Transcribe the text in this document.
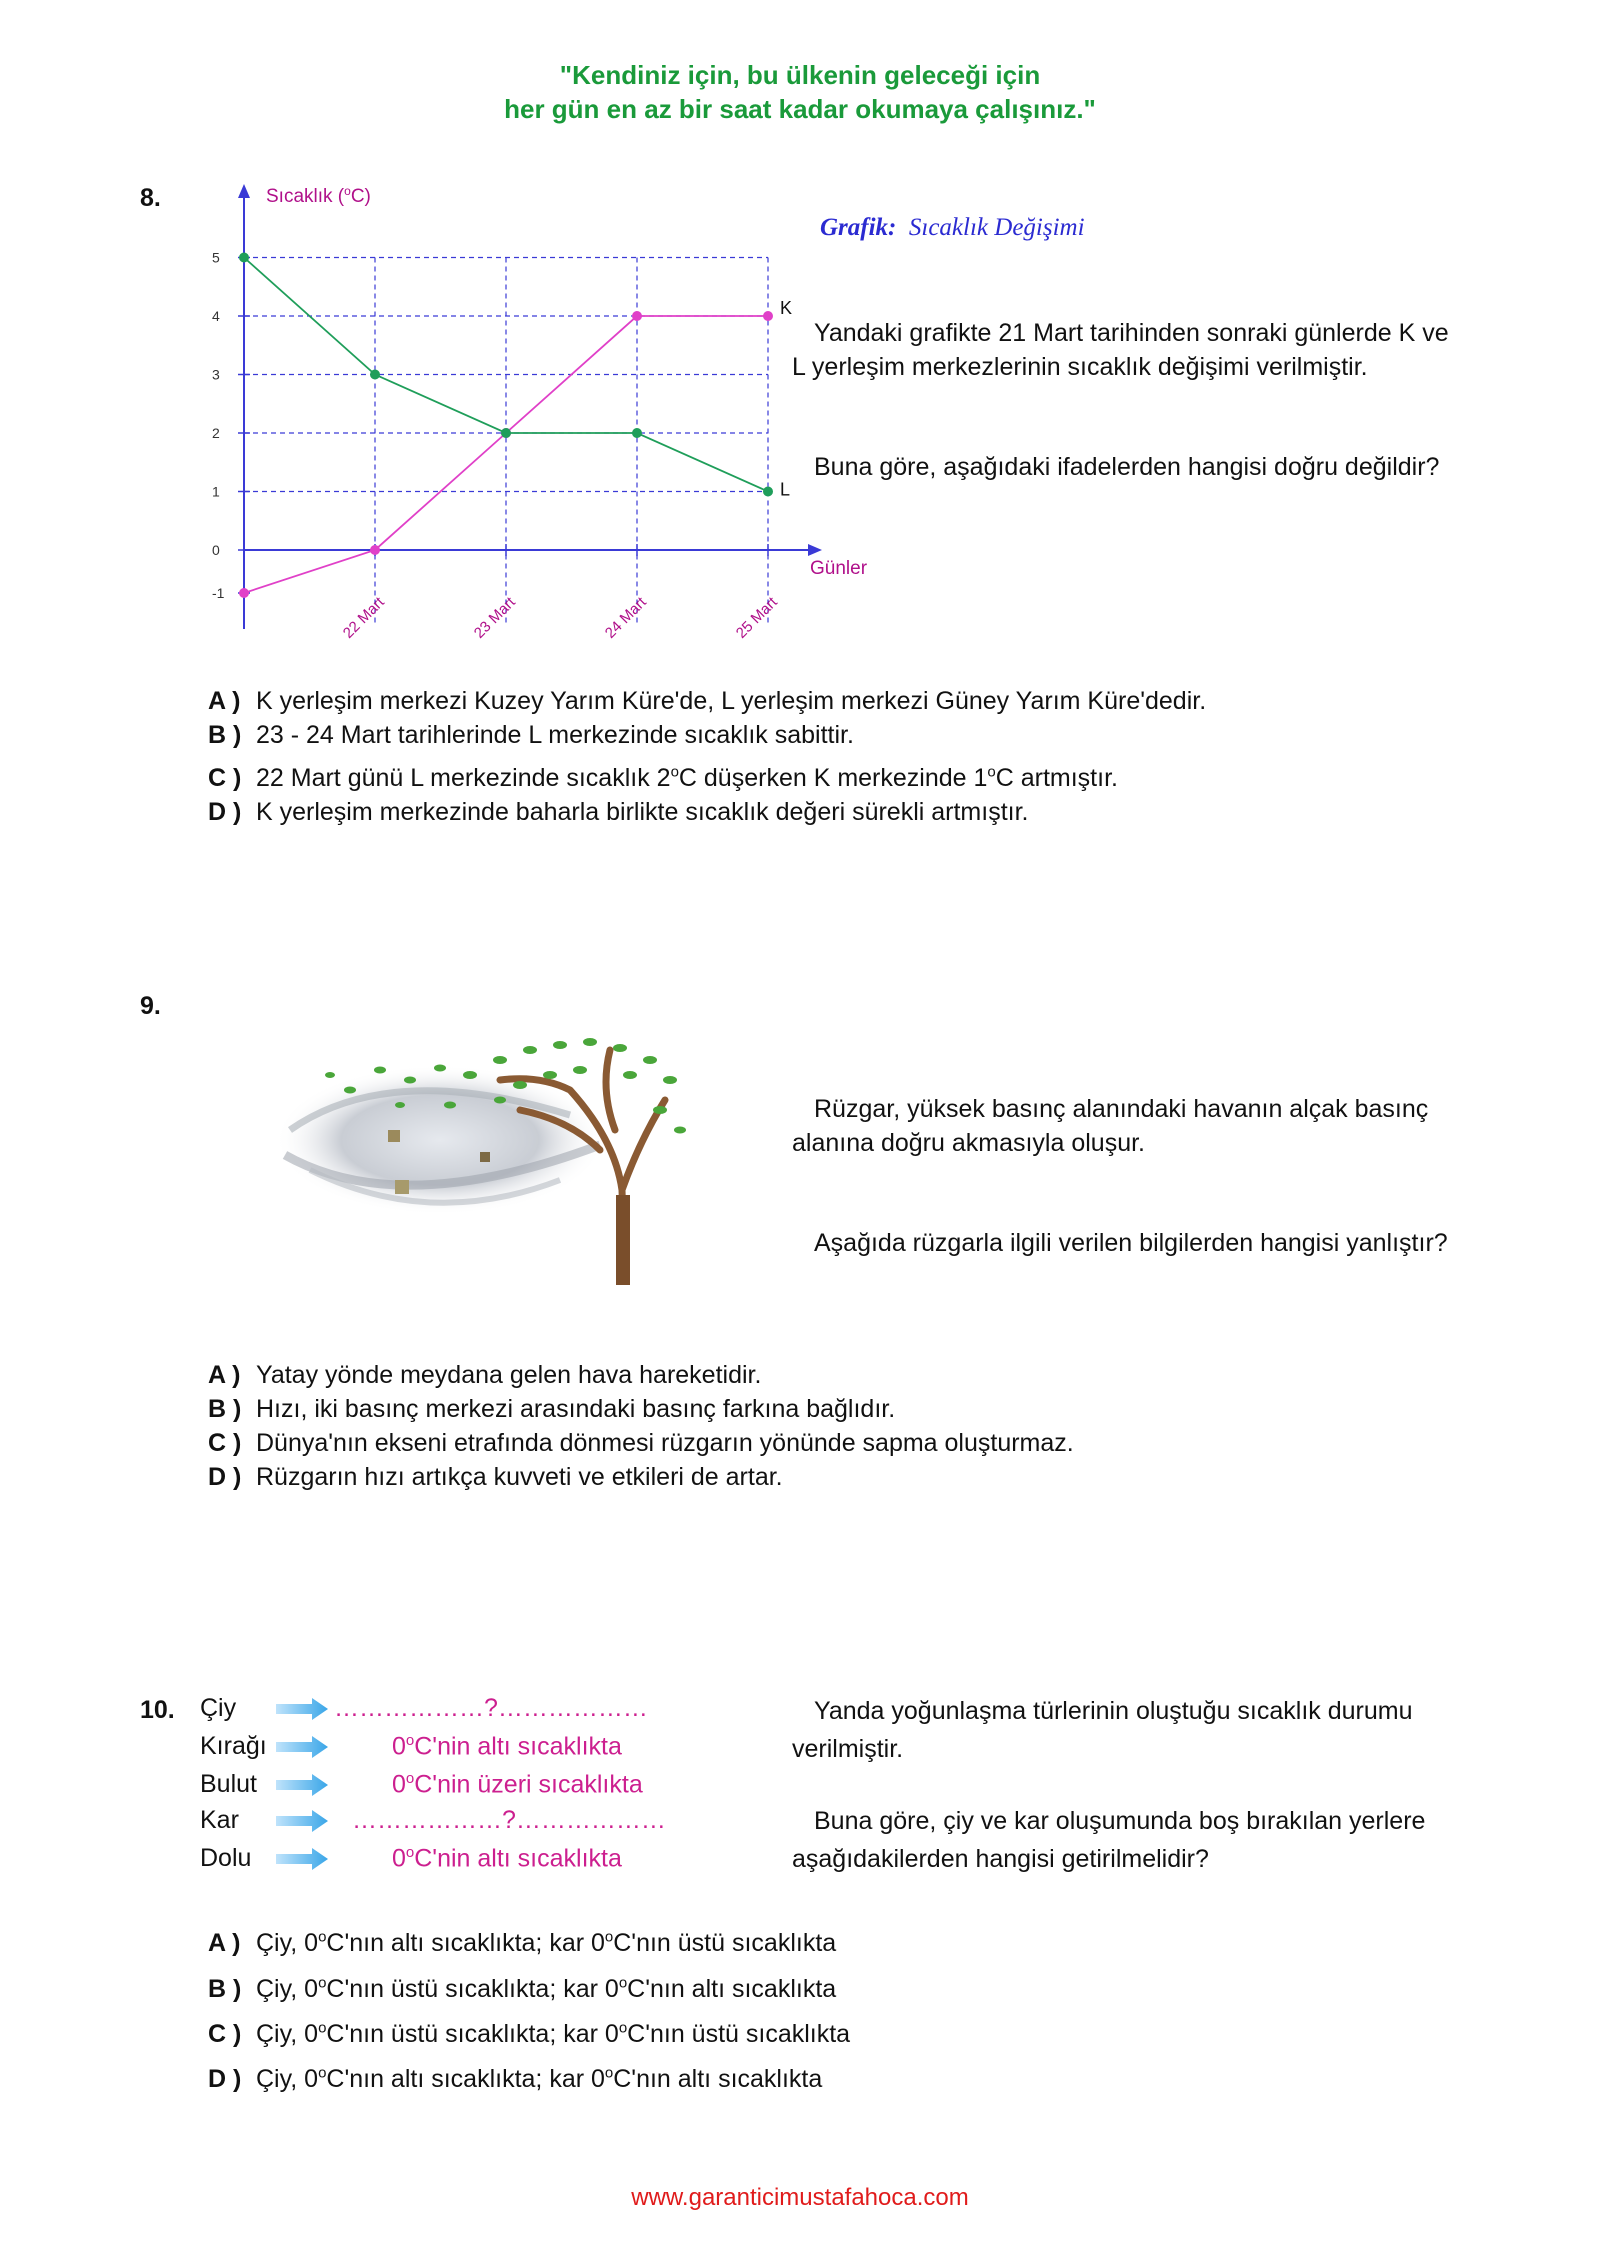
"Kendiniz için, bu ülkenin geleceği için
her gün en az bir saat kadar okumaya çalışınız."
8.
-1
0
1
2
3
4
5
22 Mart	23 Mart	24 Mart	25 Mart
Sıcaklık ($^o$C)
Günler
K
L
Grafik: Sıcaklık Değişimi
Yandaki grafikte 21 Mart tarihinden sonraki günlerde K ve L yerleşim merkezlerinin sıcaklık değişimi verilmiştir.
Buna göre, aşağıdaki ifadelerden hangisi doğru değildir?
A ) K yerleşim merkezi Kuzey Yarım Küre'de, L yerleşim merkezi Güney Yarım Küre'dedir.
B ) 23 - 24 Mart tarihlerinde L merkezinde sıcaklık sabittir.
C ) 22 Mart günü L merkezinde sıcaklık 2$^o$C düşerken K merkezinde 1$^o$C artmıştır.
D ) K yerleşim merkezinde baharla birlikte sıcaklık değeri sürekli artmıştır.
9.
Rüzgar, yüksek basınç alanındaki havanın alçak basınç alanına doğru akmasıyla oluşur.
Aşağıda rüzgarla ilgili verilen bilgilerden hangisi yanlıştır?
A ) Yatay yönde meydana gelen hava hareketidir.
B ) Hızı, iki basınç merkezi arasındaki basınç farkına bağlıdır.
C ) Dünya'nın ekseni etrafında dönmesi rüzgarın yönünde sapma oluşturmaz.
D ) Rüzgarın hızı artıkça kuvveti ve etkileri de artar.
10. Çiy	………………?………………
Kırağı	0$^o$C'nin altı sıcaklıkta
Bulut	0$^o$C'nin üzeri sıcaklıkta
Kar	………………?………………
Dolu	0$^o$C'nin altı sıcaklıkta
Yanda yoğunlaşma türlerinin oluştuğu sıcaklık durumu verilmiştir.
Buna göre, çiy ve kar oluşumunda boş bırakılan yerlere aşağıdakilerden hangisi getirilmelidir?
A ) Çiy, 0$^o$C'nın altı sıcaklıkta; kar 0$^o$C'nın üstü sıcaklıkta
B ) Çiy, 0$^o$C'nın üstü sıcaklıkta; kar 0$^o$C'nın altı sıcaklıkta
C ) Çiy, 0$^o$C'nın üstü sıcaklıkta; kar 0$^o$C'nın üstü sıcaklıkta
D ) Çiy, 0$^o$C'nın altı sıcaklıkta; kar 0$^o$C'nın altı sıcaklıkta
www.garanticimustafahoca.com
